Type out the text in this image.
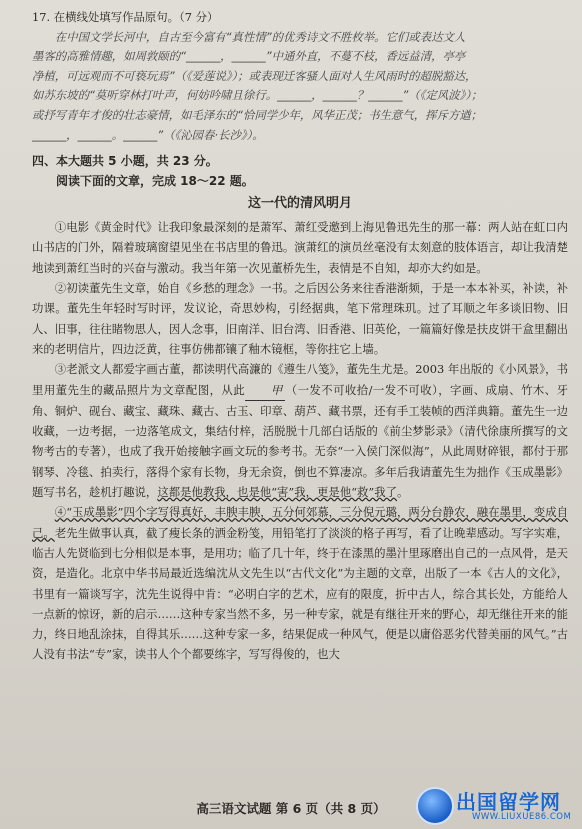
17. 在横线处填写作品原句。（7 分）
在中国文学长河中，自古至今富有“真性情”的优秀诗文不胜枚举。它们或表达文人
墨客的高雅情趣，如周敦颐的“______，______”中通外直，不蔓不枝，香远益清，亭亭
净植，可远观而不可亵玩焉”（《爱莲说》）；或表现迁客骚人面对人生风雨时的超脱豁达，
如苏东坡的“莫听穿林打叶声，何妨吟啸且徐行。______，______？______”（《定风波》）；
或抒写青年才俊的壮志豪情，如毛泽东的“恰同学少年，风华正茂；书生意气，挥斥方遒；
______，______。______”（《沁园春·长沙》）。
四、本大题共 5 小题，共 23 分。
阅读下面的文章，完成 18～22 题。
这一代的清风明月

①电影《黄金时代》让我印象最深刻的是萧军、萧红受邀到上海见鲁迅先生的那一幕：两人站在虹口内山书店的门外，隔着玻璃窗望见坐在书店里的鲁迅。演萧红的演员丝毫没有太刻意的肢体语言，却让我清楚地读到萧红当时的兴奋与激动。我当年第一次见董桥先生，表情是不自知，却亦大约如是。

②初读董先生文章，始自《乡愁的理念》一书。之后因公务来往香港渐频，于是一本本补买，补读，补功课。董先生年轻时写时评，发议论，奇思妙构，引经据典，笔下常理珠玑。过了耳顺之年多谈旧物、旧人、旧事，往往睹物思人，因人念事，旧南洋、旧台湾、旧香港、旧英伦，一篇篇好像是扶皮饼干盒里翻出来的老明信片，四边泛黄，往事仿佛都镶了釉木镜框，等你拄它上墙。

③老派文人都爱字画古董，都读明代高濂的《遵生八笺》，董先生尤是。2003 年出版的《小风景》，书里用董先生的藏品照片为文章配图，从此 甲 （一发不可收拾/一发不可收），字画、成扇、竹木、牙角、铜炉、砚台、藏宝、藏珠、藏古、古玉、印章、葫芦、藏书票，还有手工装帧的西洋典籍。董先生一边收藏，一边考据，一边落笔成文，集结付梓，活脱脱十几部白话版的《前尘梦影录》（清代徐康所撰写的文物考古的专著），也成了我开始接触字画文玩的参考书。无奈“一入侯门深似海”，从此周财碎银，都付于那钢琴、冷毯、拍卖行，落得个家有长物，身无余资，倒也不算凄凉。多年后我请董先生为拙作《玉成墨影》题写书名，趁机打趣说，这都是他教我，也是他“害”我，更是他“救”我了。

④“玉成墨影”四个字写得真好，丰腴丰腴，五分何郊慕，三分倪元璐，两分台静农，融在墨里，变成自己。老先生做事认真，截了瘦长条的洒金粉笺，用铅笔打了淡淡的格子再写，看了让晚辈感动。写字实难，临古人先贤临到七分相似是本事，是用功；临了几十年，终于在漆黑的墨汁里琢磨出自己的一点风骨，是天资，是造化。北京中华书局最近选编沈从文先生以“古代文化”为主题的文章，出版了一本《古人的文化》，书里有一篇谈写字，沈先生说得中肯：“必明白字的艺术，应有的限度，折中古人，综合其长处，方能给人一点新的惊讶，新的启示……这种专家当然不多，另一种专家，就是有继往开来的野心，却无继往开来的能力，终日地乱涂抹，自得其乐……这种专家一多，结果促成一种风气，便是以庸俗恶劣代替美丽的风气。”古人没有书法“专”家，读书人个个都要练字，写写得俊的，也大

高三语文试题 第 6 页（共 8 页）	出国留学网
WWW.LIUXUE86.COM
